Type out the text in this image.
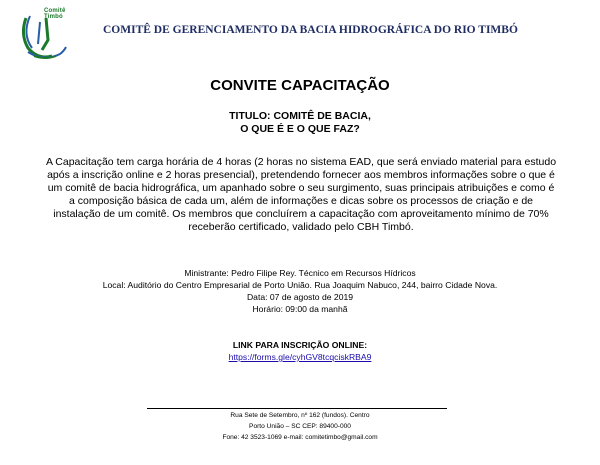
Comitê Timbó
COMITÊ DE GERENCIAMENTO DA BACIA HIDROGRÁFICA DO RIO TIMBÓ
CONVITE CAPACITAÇÃO
TITULO: COMITÊ DE BACIA,
O QUE É E O QUE FAZ?
A Capacitação tem carga horária de 4 horas (2 horas no sistema EAD, que será enviado material para estudo após a inscrição online e 2 horas presencial), pretendendo fornecer aos membros informações sobre o que é um comitê de bacia hidrográfica, um apanhado sobre o seu surgimento, suas principais atribuições e como é a composição básica de cada um, além de informações e dicas sobre os processos de criação e de instalação de um comitê. Os membros que concluírem a capacitação com aproveitamento mínimo de 70% receberão certificado, validado pelo CBH Timbó.
Ministrante: Pedro Filipe Rey. Técnico em Recursos Hídricos
Local: Auditório do Centro Empresarial de Porto União. Rua Joaquim Nabuco, 244, bairro Cidade Nova.
Data: 07 de agosto de 2019
Horário: 09:00 da manhã
LINK PARA INSCRIÇÃO ONLINE:
https://forms.gle/cyhGV8tcqciskRBA9
Rua Sete de Setembro, nº 162 (fundos). Centro
Porto União – SC CEP: 89400-000
Fone: 42 3523-1069 e-mail: comitetimbo@gmail.com
